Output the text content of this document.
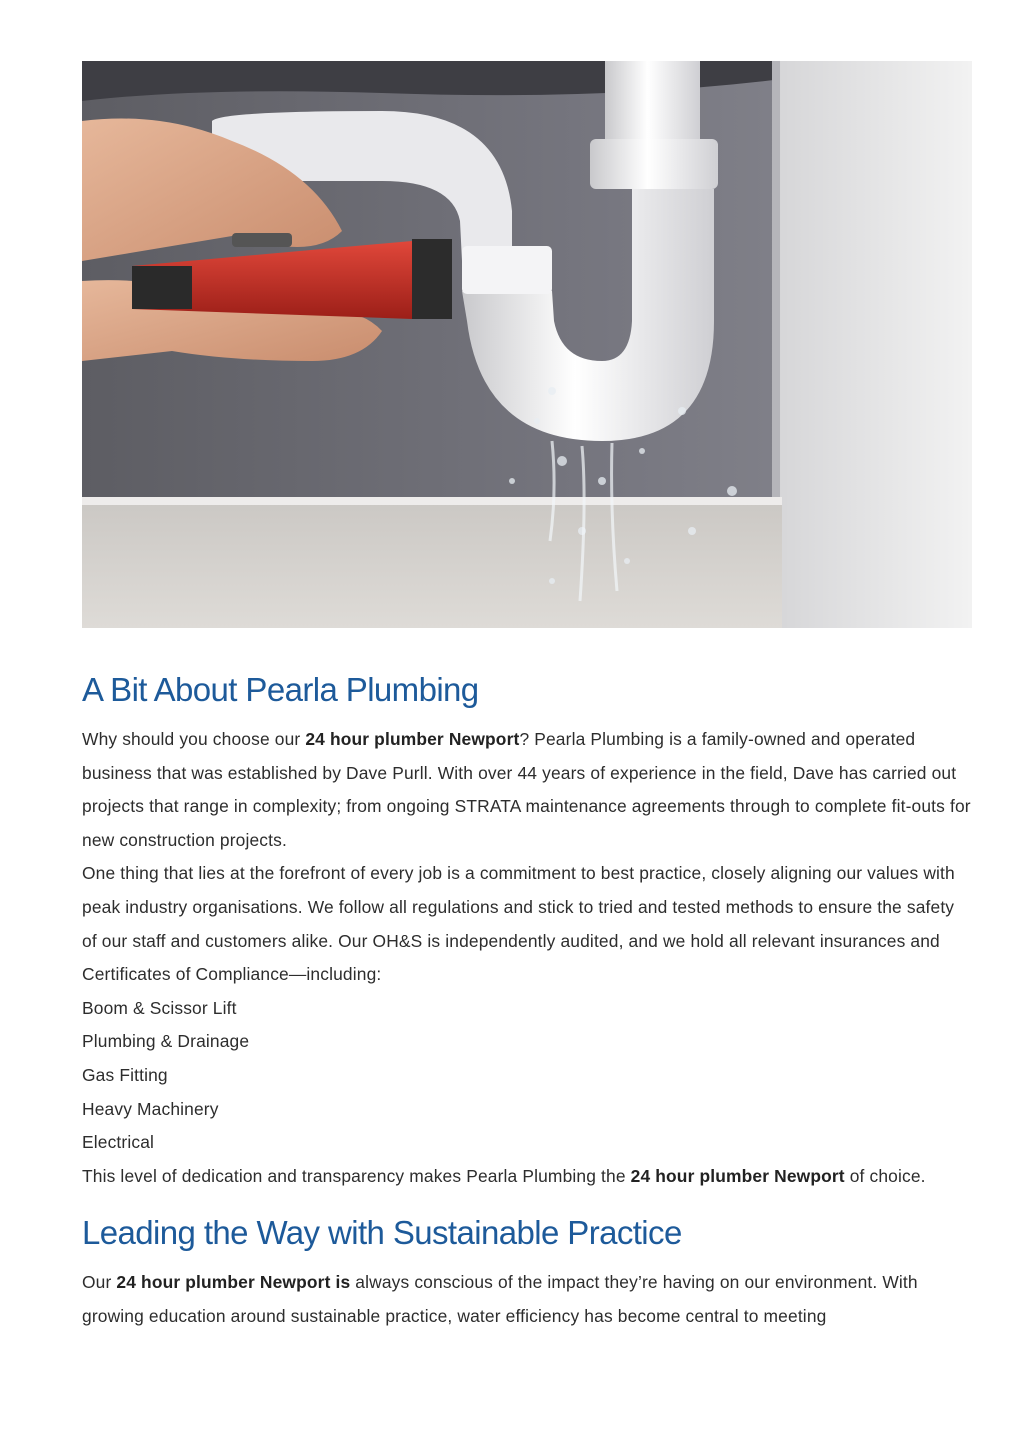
A Bit About Pearla Plumbing

Why should you choose our 24 hour plumber Newport? Pearla Plumbing is a family-owned and operated business that was established by Dave Purll. With over 44 years of experience in the field, Dave has carried out projects that range in complexity; from ongoing STRATA maintenance agreements through to complete fit-outs for new construction projects.

One thing that lies at the forefront of every job is a commitment to best practice, closely aligning our values with peak industry organisations. We follow all regulations and stick to tried and tested methods to ensure the safety of our staff and customers alike. Our OH&S is independently audited, and we hold all relevant insurances and Certificates of Compliance—including:

Boom & Scissor Lift
Plumbing & Drainage
Gas Fitting
Heavy Machinery
Electrical

This level of dedication and transparency makes Pearla Plumbing the 24 hour plumber Newport of choice.

Leading the Way with Sustainable Practice

Our 24 hour plumber Newport is always conscious of the impact they’re having on our environment. With growing education around sustainable practice, water efficiency has become central to meeting
